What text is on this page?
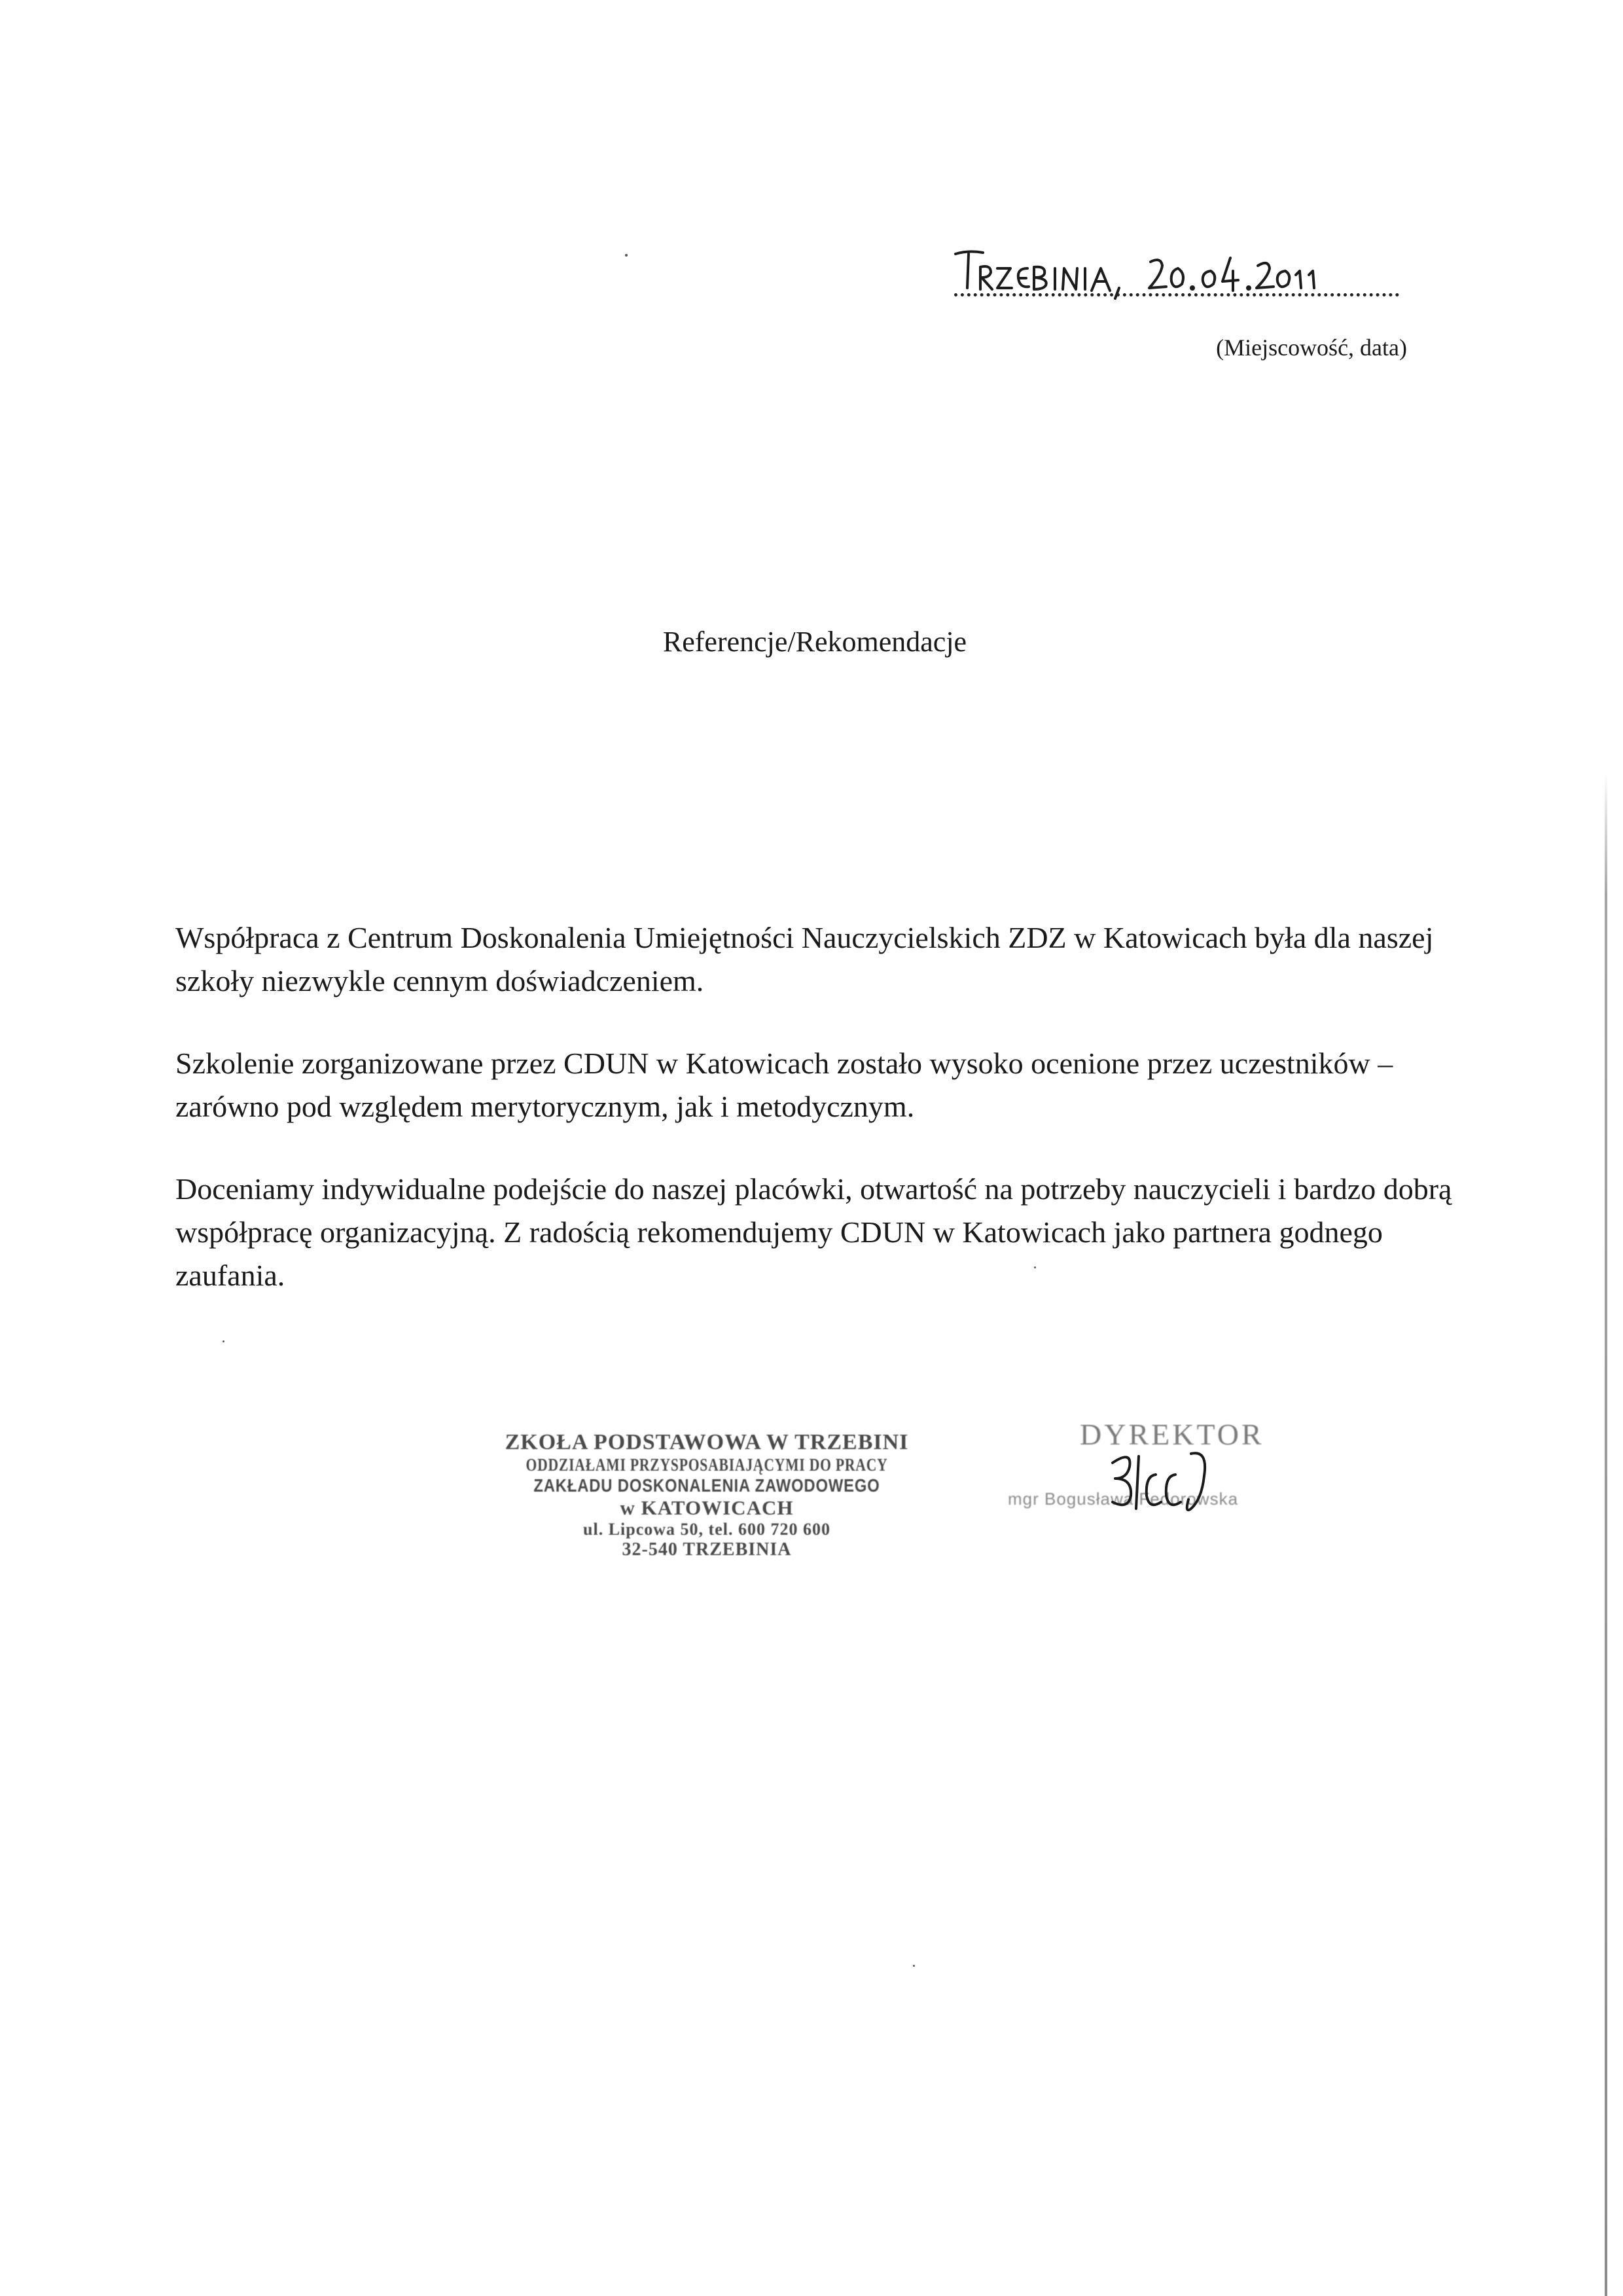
(Miejscowość, data)
Referencje/Rekomendacje

Współpraca z Centrum Doskonalenia Umiejętności Nauczycielskich ZDZ w Katowicach była dla naszej szkoły niezwykle cennym doświadczeniem.

Szkolenie zorganizowane przez CDUN w Katowicach zostało wysoko ocenione przez uczestników – zarówno pod względem merytorycznym, jak i metodycznym.

Doceniamy indywidualne podejście do naszej placówki, otwartość na potrzeby nauczycieli i bardzo dobrą współpracę organizacyjną. Z radością rekomendujemy CDUN w Katowicach jako partnera godnego zaufania.

ZKOŁA PODSTAWOWA W TRZEBINI
ODDZIAŁAMI PRZYSPOSABIAJĄCYMI DO PRACY
ZAKŁADU DOSKONALENIA ZAWODOWEGO
w KATOWICACH
ul. Lipcowa 50, tel. 600 720 600
32-540 TRZEBINIA
DYREKTOR
mgr Bogusława Fedorowska
